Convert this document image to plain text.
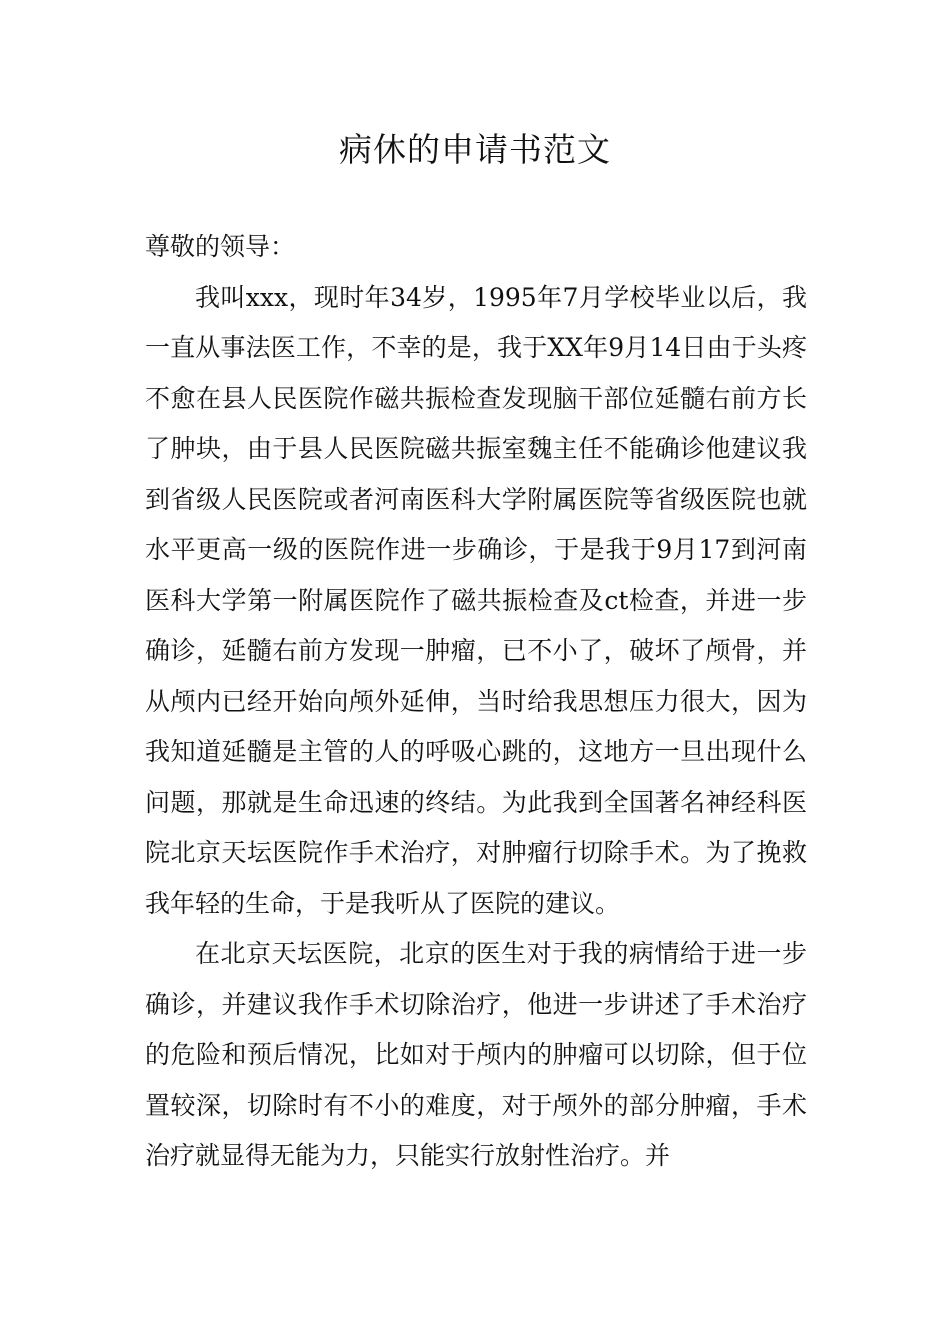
病休的申请书范文

尊敬的领导：

我叫xxx，现时年34岁，1995年7月学校毕业以后，我一直从事法医工作，不幸的是，我于XX年9月14日由于头疼不愈在县人民医院作磁共振检查发现脑干部位延髓右前方长了肿块，由于县人民医院磁共振室魏主任不能确诊他建议我到省级人民医院或者河南医科大学附属医院等省级医院也就水平更高一级的医院作进一步确诊，于是我于9月17到河南医科大学第一附属医院作了磁共振检查及ct检查，并进一步确诊，延髓右前方发现一肿瘤，已不小了，破坏了颅骨，并从颅内已经开始向颅外延伸，当时给我思想压力很大，因为我知道延髓是主管的人的呼吸心跳的，这地方一旦出现什么问题，那就是生命迅速的终结。为此我到全国著名神经科医院北京天坛医院作手术治疗，对肿瘤行切除手术。为了挽救我年轻的生命，于是我听从了医院的建议。

在北京天坛医院，北京的医生对于我的病情给于进一步确诊，并建议我作手术切除治疗，他进一步讲述了手术治疗的危险和预后情况，比如对于颅内的肿瘤可以切除，但于位置较深，切除时有不小的难度，对于颅外的部分肿瘤，手术治疗就显得无能为力，只能实行放射性治疗。并
